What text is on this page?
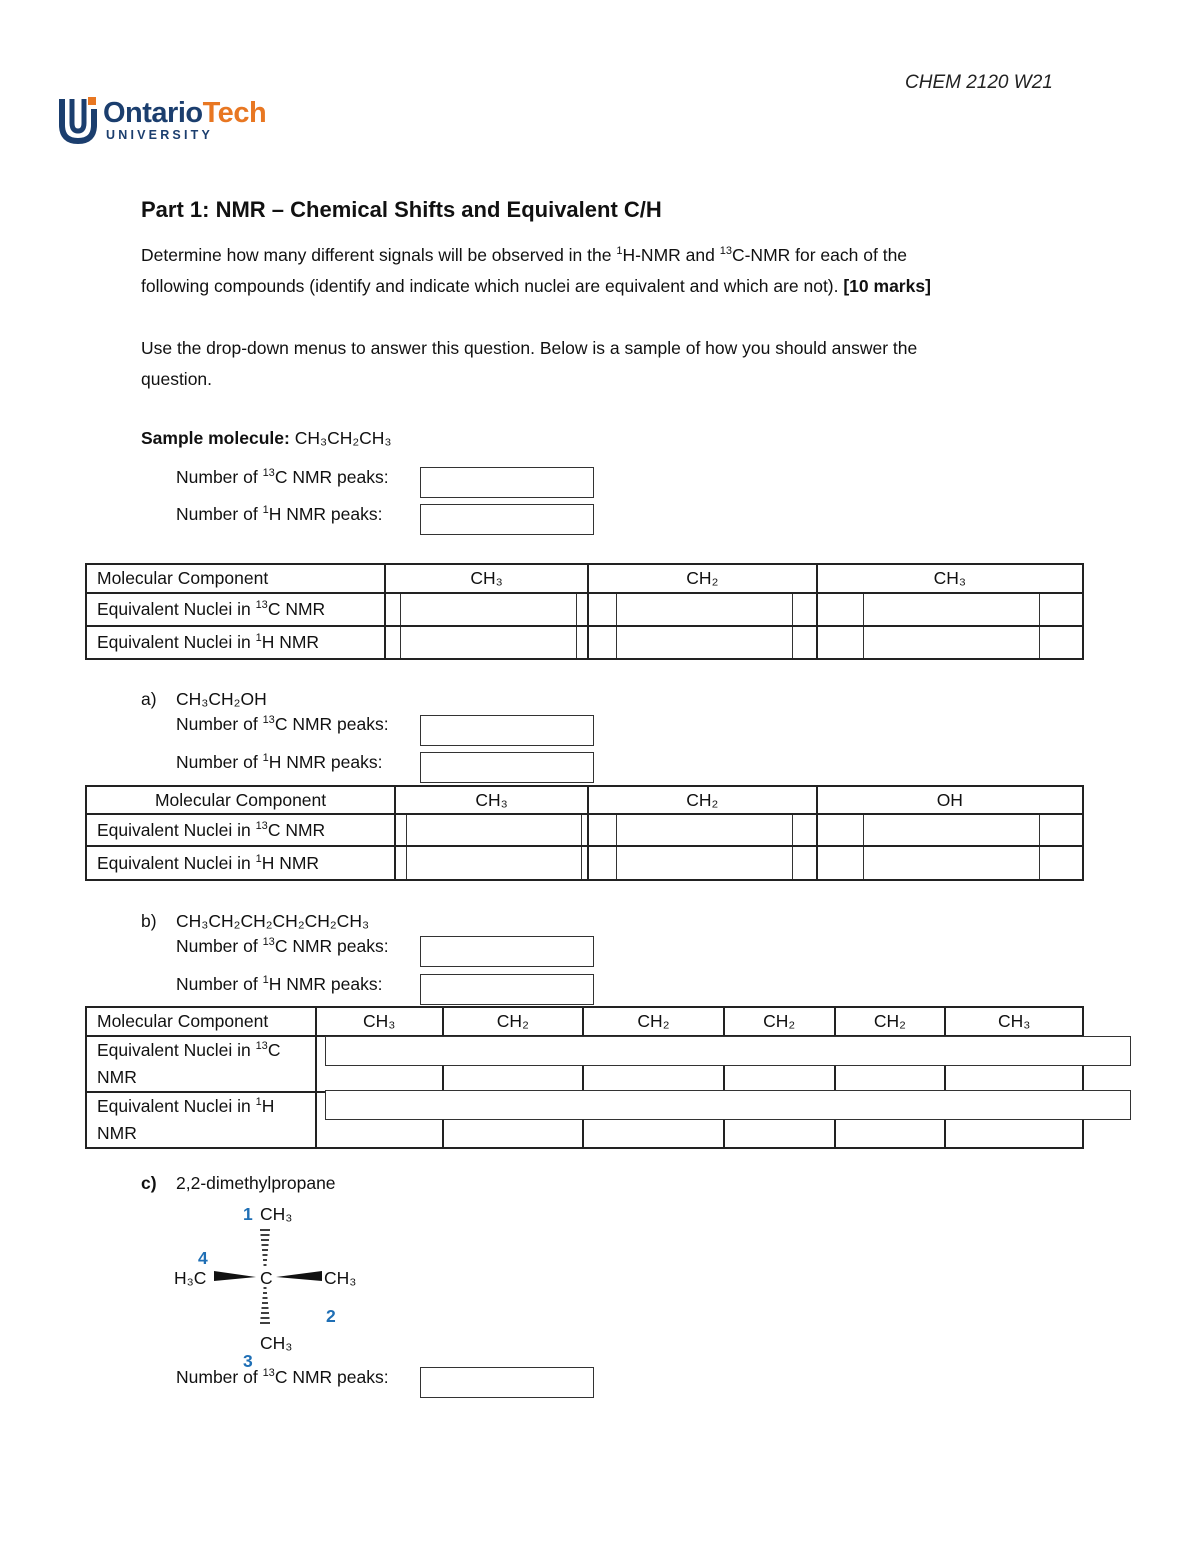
CHEM 2120 W21
OntarioTech
UNIVERSITY
Part 1: NMR – Chemical Shifts and Equivalent C/H
Determine how many different signals will be observed in the $^1$H-NMR and $^{13}$C-NMR for each of the
following compounds (identify and indicate which nuclei are equivalent and which are not). [10 marks]
Use the drop-down menus to answer this question. Below is a sample of how you should answer the
question.
Sample molecule: CH₃CH₂CH₃
Number of $^{13}$C NMR peaks:
Number of $^1$H NMR peaks:
Molecular Component	CH₃	CH₂	CH₃
Equivalent Nuclei in $^{13}$C NMR	

Equivalent Nuclei in $^1$H NMR	

a) CH₃CH₂OH
Number of $^{13}$C NMR peaks:
Number of $^1$H NMR peaks:
Molecular Component	CH₃	CH₂	OH
Equivalent Nuclei in $^{13}$C NMR	

Equivalent Nuclei in $^1$H NMR	

b) CH₃CH₂CH₂CH₂CH₂CH₃
Number of $^{13}$C NMR peaks:
Number of $^1$H NMR peaks:
Molecular Component	CH₃	CH₂	CH₂	CH₂	CH₂	CH₃
Equivalent Nuclei in $^{13}$C
NMR						
Equivalent Nuclei in $^1$H
NMR						
c) 2,2-dimethylpropane
CH₃
1
H₃C
4
C	CH₃
2
CH₃
3
Number of $^{13}$C NMR peaks:
